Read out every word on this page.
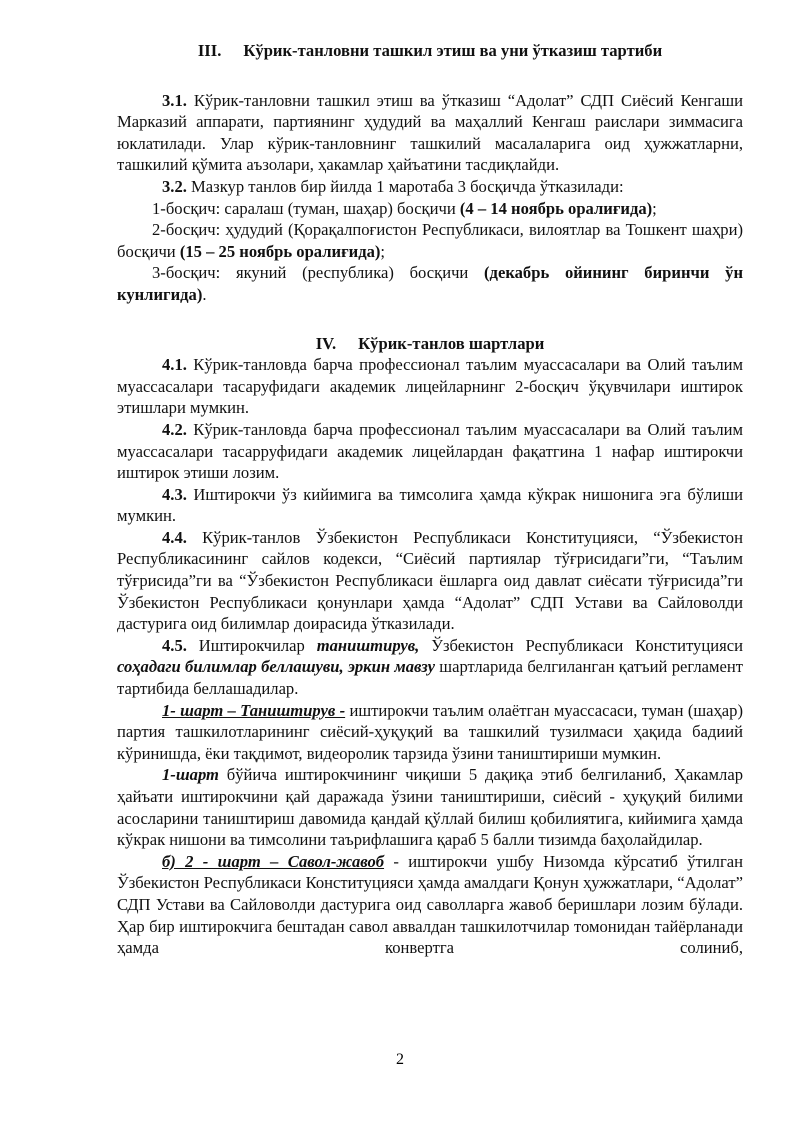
III. Кўрик-танловни ташкил этиш ва уни ўтказиш тартиби

3.1. Кўрик-танловни ташкил этиш ва ўтказиш “Адолат” СДП Сиёсий Кенгаши Марказий аппарати, партиянинг ҳудудий ва маҳаллий Кенгаш раислари зиммасига юклатилади. Улар кўрик-танловнинг ташкилий масалаларига оид ҳужжатларни, ташкилий қўмита аъзолари, ҳакамлар ҳайъатини тасдиқлайди.

3.2. Мазкур танлов бир йилда 1 маротаба 3 босқичда ўтказилади:

1-босқич: саралаш (туман, шаҳар) босқичи (4 – 14 ноябрь оралиғида);

2-босқич: ҳудудий (Қорақалпоғистон Республикаси, вилоятлар ва Тошкент шаҳри) босқичи (15 – 25 ноябрь оралиғида);

3-босқич: якуний (республика) босқичи (декабрь ойининг биринчи ўн кунлигида).

IV. Кўрик-танлов шартлари

4.1. Кўрик-танловда барча профессионал таълим муассасалари ва Олий таълим муассасалари тасаруфидаги академик лицейларнинг 2-босқич ўқувчилари иштирок этишлари мумкин.

4.2. Кўрик-танловда барча профессионал таълим муассасалари ва Олий таълим муассасалари тасарруфидаги академик лицейлардан фақатгина 1 нафар иштирокчи иштирок этиши лозим.

4.3. Иштирокчи ўз кийимига ва тимсолига ҳамда кўкрак нишонига эга бўлиши мумкин.

4.4. Кўрик-танлов Ўзбекистон Республикаси Конституцияси, “Ўзбекистон Республикасининг сайлов кодекси, “Сиёсий партиялар тўғрисидаги”ги, “Таълим тўғрисида”ги ва “Ўзбекистон Республикаси ёшларга оид давлат сиёсати тўғрисида”ги Ўзбекистон Республикаси қонунлари ҳамда “Адолат” СДП Устави ва Сайловолди дастурига оид билимлар доирасида ўтказилади.

4.5. Иштирокчилар таништирув, Ўзбекистон Республикаси Конституцияси соҳадаги билимлар беллашуви, эркин мавзу шартларида белгиланган қатъий регламент тартибида беллашадилар.

1- шарт – Таништирув - иштирокчи таълим олаётган муассасаси, туман (шаҳар) партия ташкилотларининг сиёсий-ҳуқуқий ва ташкилий тузилмаси ҳақида бадиий кўринишда, ёки тақдимот, видеоролик тарзида ўзини таништириши мумкин.

1-шарт бўйича иштирокчининг чиқиши 5 дақиқа этиб белгиланиб, Ҳакамлар ҳайъати иштирокчини қай даражада ўзини таништириши, сиёсий - ҳуқуқий билими асосларини таништириш давомида қандай қўллай билиш қобилиятига, кийимига ҳамда кўкрак нишони ва тимсолини таърифлашига қараб 5 балли тизимда баҳолайдилар.

б) 2 - шарт – Савол-жавоб - иштирокчи ушбу Низомда кўрсатиб ўтилган Ўзбекистон Республикаси Конституцияси ҳамда амалдаги Қонун ҳужжатлари, “Адолат” СДП Устави ва Сайловолди дастурига оид саволларга жавоб беришлари лозим бўлади. Ҳар бир иштирокчига бештадан савол аввалдан ташкилотчилар томонидан тайёрланади ҳамда конвертга солиниб,

2
